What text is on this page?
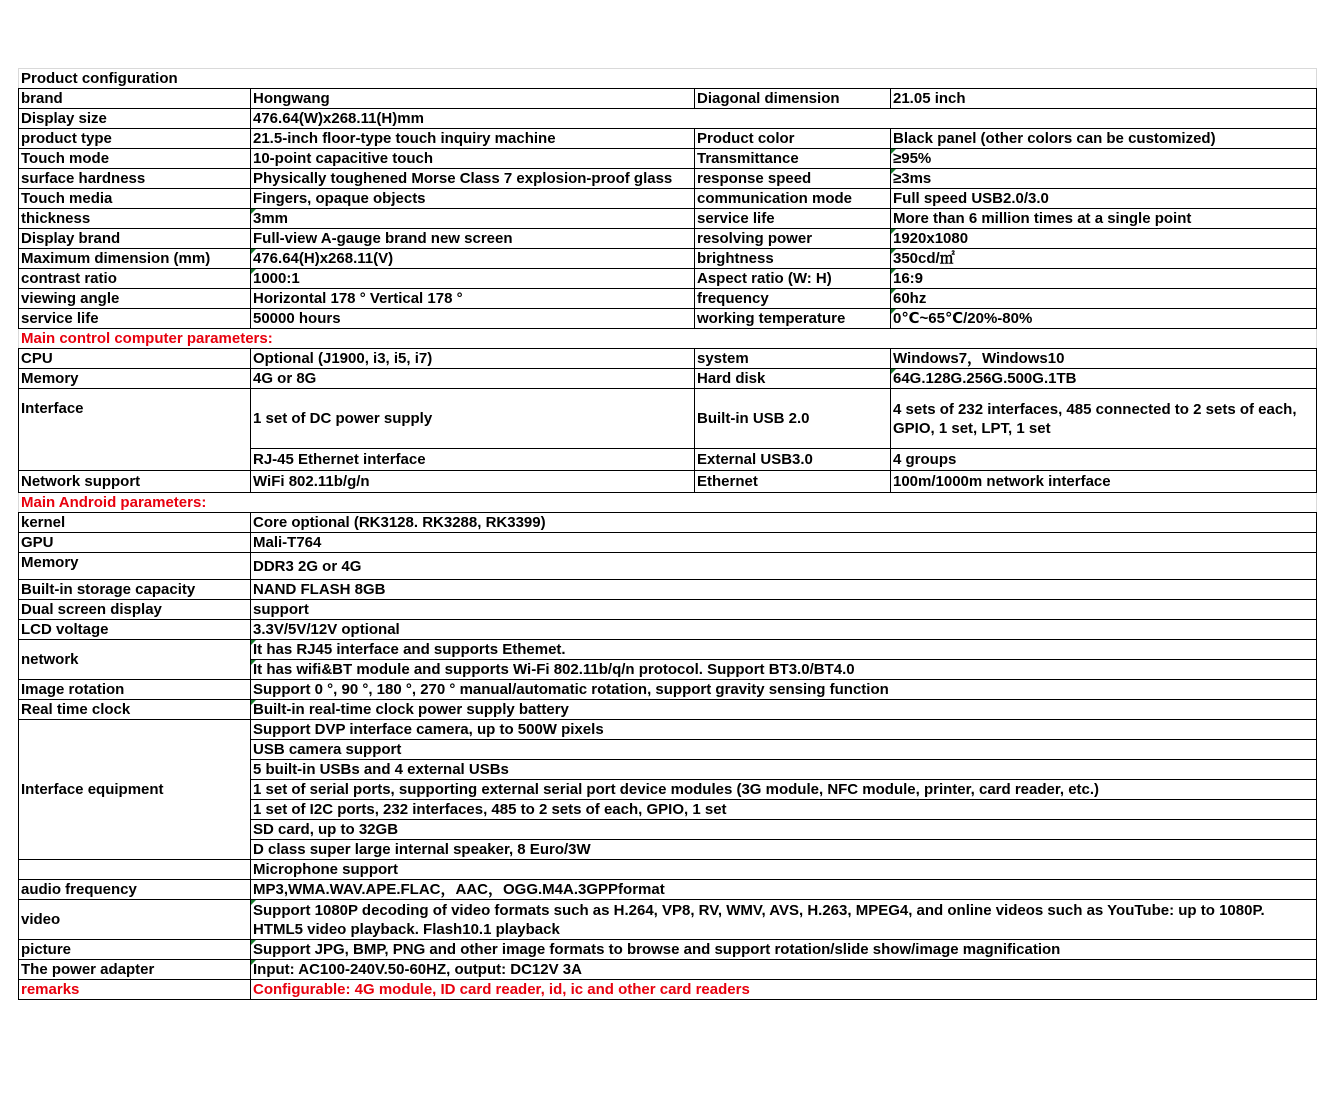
Product configuration			
brand	Hongwang	Diagonal dimension	21.05 inch
Display size	476.64(W)x268.11(H)mm		
product type	21.5-inch floor-type touch inquiry machine	Product color	Black panel (other colors can be customized)
Touch mode	10-point capacitive touch	Transmittance	≥95%
surface hardness	Physically toughened Morse Class 7 explosion-proof glass	response speed	≥3ms
Touch media	Fingers, opaque objects	communication mode	Full speed USB2.0/3.0
thickness	3mm	service life	More than 6 million times at a single point
Display brand	Full-view A-gauge brand new screen	resolving power	1920x1080
Maximum dimension (mm)	476.64(H)x268.11(V)	brightness	350cd/㎡
contrast ratio	1000:1	Aspect ratio (W: H)	16:9
viewing angle	Horizontal 178 ° Vertical 178 °	frequency	60hz
service life	50000 hours	working temperature	0℃~65℃/20%-80%
Main control computer parameters:			
CPU	Optional (J1900, i3, i5, i7)	system	Windows7，Windows10
Memory	4G or 8G	Hard disk	64G.128G.256G.500G.1TB
Interface	1 set of DC power supply	Built-in USB 2.0	4 sets of 232 interfaces, 485 connected to 2 sets of each, GPIO, 1 set, LPT, 1 set
	RJ-45 Ethernet interface	External USB3.0	4 groups
Network support	WiFi 802.11b/g/n	Ethernet	100m/1000m network interface
Main Android parameters:			
kernel	Core optional (RK3128. RK3288, RK3399)		
GPU	Mali-T764		
Memory	DDR3 2G or 4G		
Built-in storage capacity	NAND FLASH 8GB		
Dual screen display	support		
LCD voltage	3.3V/5V/12V optional		
network	It has RJ45 interface and supports Ethemet.		
	It has wifi&BT module and supports Wi-Fi 802.11b/q/n protocol. Support BT3.0/BT4.0		
Image rotation	Support 0 °, 90 °, 180 °, 270 ° manual/automatic rotation, support gravity sensing function		
Real time clock	Built-in real-time clock power supply battery		
Interface equipment	Support DVP interface camera, up to 500W pixels		
	USB camera support		
	5 built-in USBs and 4 external USBs		
	1 set of serial ports, supporting external serial port device modules (3G module, NFC module, printer, card reader, etc.)		
	1 set of I2C ports, 232 interfaces, 485 to 2 sets of each, GPIO, 1 set		
	SD card, up to 32GB		
	D class super large internal speaker, 8 Euro/3W		
	Microphone support		
audio frequency	MP3,WMA.WAV.APE.FLAC，AAC，OGG.M4A.3GPPformat		
video	Support 1080P decoding of video formats such as H.264, VP8, RV, WMV, AVS, H.263, MPEG4, and online videos such as YouTube: up to 1080P. HTML5 video playback. Flash10.1 playback		
picture	Support JPG, BMP, PNG and other image formats to browse and support rotation/slide show/image magnification		
The power adapter	Input: AC100-240V.50-60HZ, output: DC12V 3A		
remarks	Configurable: 4G module, ID card reader, id, ic and other card readers		
